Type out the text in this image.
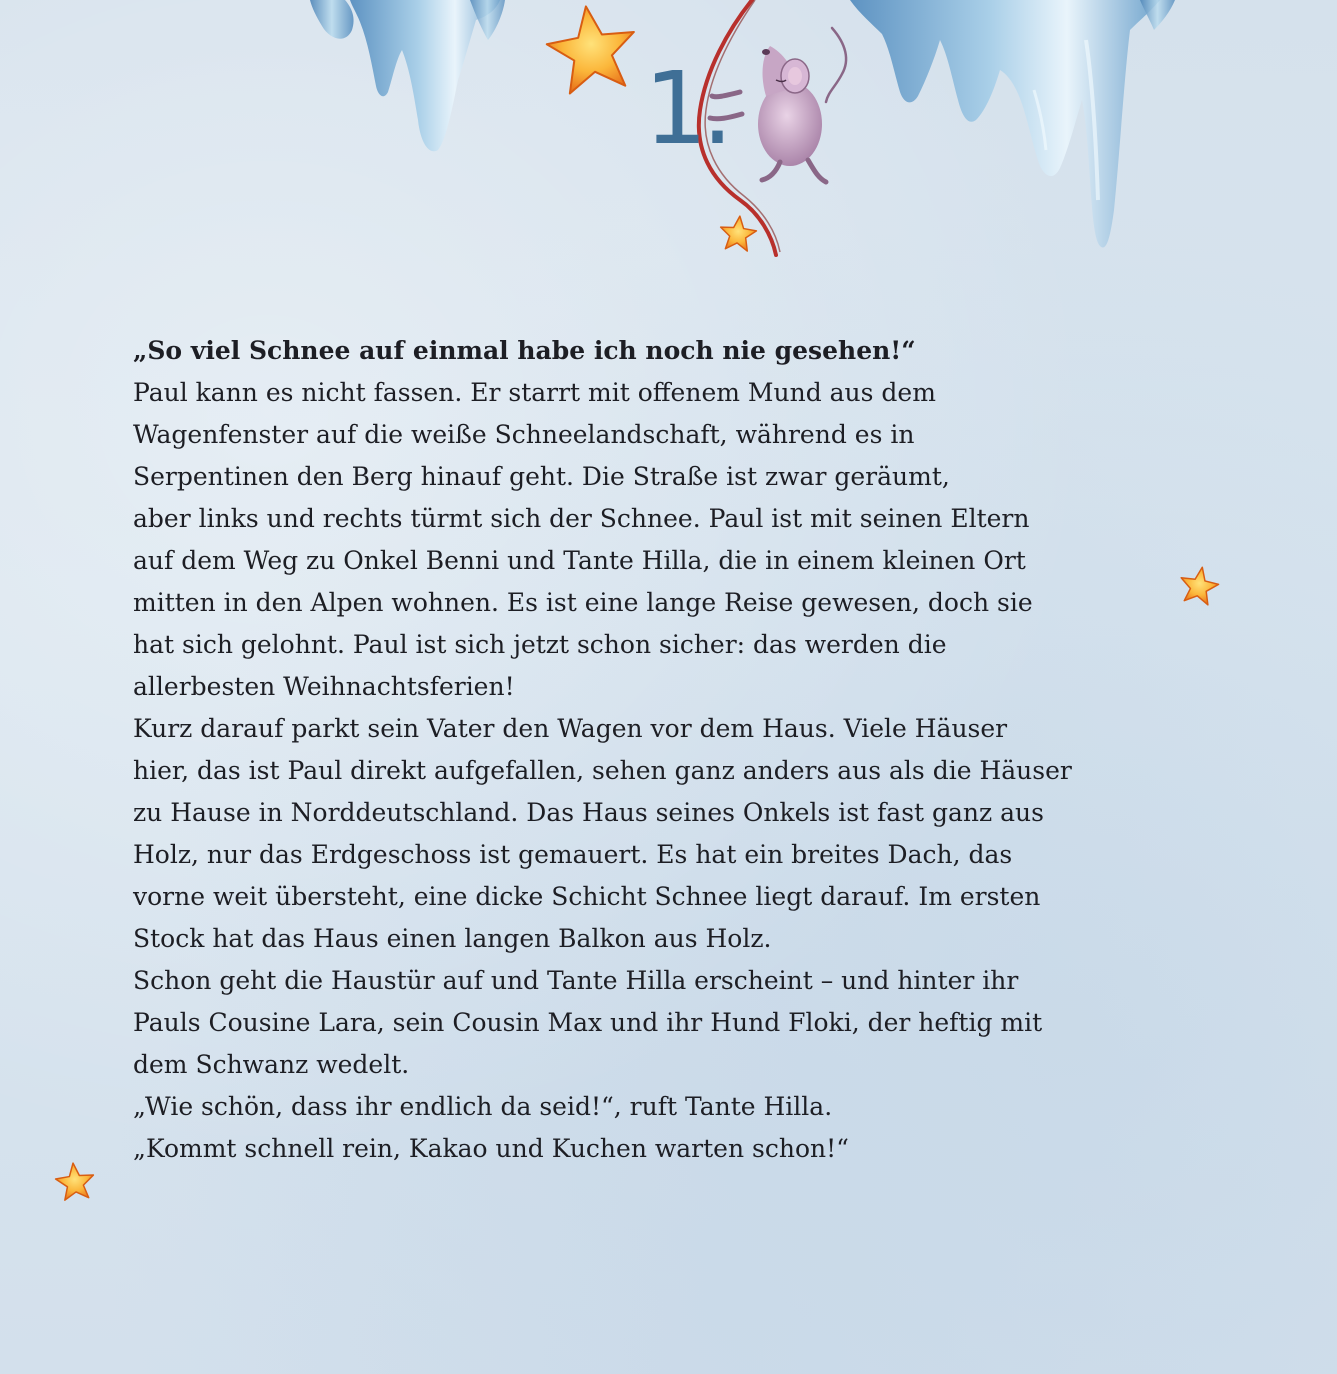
1.

„So viel Schnee auf einmal habe ich noch nie gesehen!“

Paul kann es nicht fassen. Er starrt mit offenem Mund aus dem
Wagenfenster auf die weiße Schneelandschaft, während es in
Serpentinen den Berg hinauf geht. Die Straße ist zwar geräumt,
aber links und rechts türmt sich der Schnee. Paul ist mit seinen Eltern
auf dem Weg zu Onkel Benni und Tante Hilla, die in einem kleinen Ort
mitten in den Alpen wohnen. Es ist eine lange Reise gewesen, doch sie
hat sich gelohnt. Paul ist sich jetzt schon sicher: das werden die
allerbesten Weihnachtsferien!

Kurz darauf parkt sein Vater den Wagen vor dem Haus. Viele Häuser
hier, das ist Paul direkt aufgefallen, sehen ganz anders aus als die Häuser
zu Hause in Norddeutschland. Das Haus seines Onkels ist fast ganz aus
Holz, nur das Erdgeschoss ist gemauert. Es hat ein breites Dach, das
vorne weit übersteht, eine dicke Schicht Schnee liegt darauf. Im ersten
Stock hat das Haus einen langen Balkon aus Holz.

Schon geht die Haustür auf und Tante Hilla erscheint – und hinter ihr
Pauls Cousine Lara, sein Cousin Max und ihr Hund Floki, der heftig mit
dem Schwanz wedelt.

„Wie schön, dass ihr endlich da seid!“, ruft Tante Hilla.
„Kommt schnell rein, Kakao und Kuchen warten schon!“
